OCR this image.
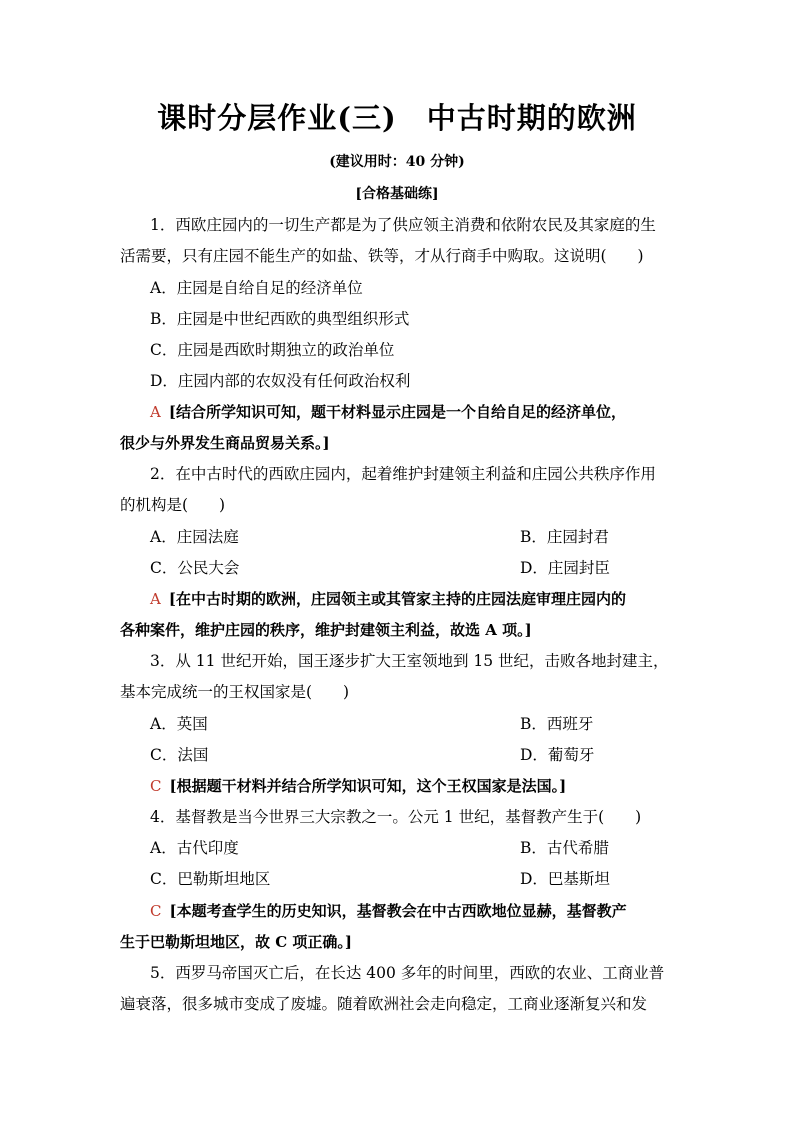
课时分层作业(三) 中古时期的欧洲
(建议用时：40 分钟)
[合格基础练]
1．西欧庄园内的一切生产都是为了供应领主消费和依附农民及其家庭的生
活需要，只有庄园不能生产的如盐、铁等，才从行商手中购取。这说明(　　)
A．庄园是自给自足的经济单位
B．庄园是中世纪西欧的典型组织形式
C．庄园是西欧时期独立的政治单位
D．庄园内部的农奴没有任何政治权利
A [结合所学知识可知，题干材料显示庄园是一个自给自足的经济单位，
很少与外界发生商品贸易关系。]
2．在中古时代的西欧庄园内，起着维护封建领主利益和庄园公共秩序作用
的机构是(　　)
A．庄园法庭	B．庄园封君
C．公民大会	D．庄园封臣
A [在中古时期的欧洲，庄园领主或其管家主持的庄园法庭审理庄园内的
各种案件，维护庄园的秩序，维护封建领主利益，故选 A 项。]
3．从 11 世纪开始，国王逐步扩大王室领地到 15 世纪，击败各地封建主，
基本完成统一的王权国家是(　　)
A．英国	B．西班牙
C．法国	D．葡萄牙
C [根据题干材料并结合所学知识可知，这个王权国家是法国。]
4．基督教是当今世界三大宗教之一。公元 1 世纪，基督教产生于(　　)
A．古代印度	B．古代希腊
C．巴勒斯坦地区	D．巴基斯坦
C [本题考查学生的历史知识，基督教会在中古西欧地位显赫，基督教产
生于巴勒斯坦地区，故 C 项正确。]
5．西罗马帝国灭亡后，在长达 400 多年的时间里，西欧的农业、工商业普
遍衰落，很多城市变成了废墟。随着欧洲社会走向稳定，工商业逐渐复兴和发
